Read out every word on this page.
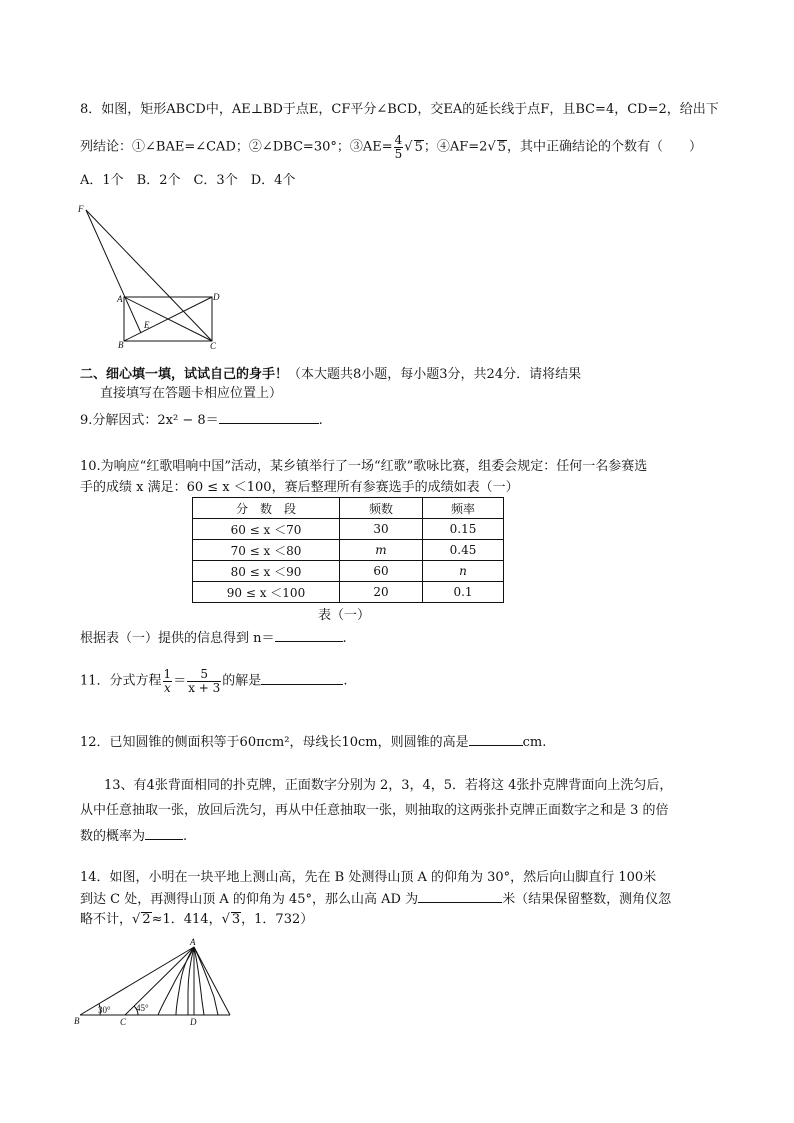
8．如图，矩形ABCD中，AE⊥BD于点E，CF平分∠BCD，交EA的延长线于点F，且BC=4，CD=2，给出下
列结论：①∠BAE=∠CAD；②∠DBC=30°；③AE= $\frac{4}{5}$ √ 5；④AF=2√ 5，其中正确结论的个数有（　　）
A．1个　B．2个　C．3个　D．4个
F
A	D
E
B	C
二、细心填一填，试试自己的身手！（本大题共8小题，每小题3分，共24分．请将结果
直接填写在答题卡相应位置上）
9.分解因式：2x² − 8＝	.
10.为响应“红歌唱响中国”活动，某乡镇举行了一场“红歌”歌咏比赛，组委会规定：任何一名参赛选
手的成绩 x 满足：60 ≤ x ＜100，赛后整理所有参赛选手的成绩如表（一）
分　数　段	频数	频率
60 ≤ x ＜70	30	0.15
70 ≤ x ＜80	m	0.45
80 ≤ x ＜90	60	n
90 ≤ x ＜100	20	0.1
表（一）
根据表（一）提供的信息得到 n＝	.
11．分式方程 $\frac{1}{x} = \frac{5}{x + 3}$ 的解是	.
12．已知圆锥的侧面积等于60πcm²，母线长10cm，则圆锥的高是	cm.
13、有4张背面相同的扑克牌，正面数字分别为 2，3，4，5．若将这 4张扑克牌背面向上洗匀后，
从中任意抽取一张，放回后洗匀，再从中任意抽取一张，则抽取的这两张扑克牌正面数字之和是 3 的倍
数的概率为	.
14．如图，小明在一块平地上测山高，先在 B 处测得山顶 A 的仰角为 30°，然后向山脚直行 100米
到达 C 处，再测得山顶 A 的仰角为 45°，那么山高 AD 为	米（结果保留整数，测角仪忽
略不计，√ 2≈1．414，√ 3，1．732）
A
B	C	D
30°	45°
